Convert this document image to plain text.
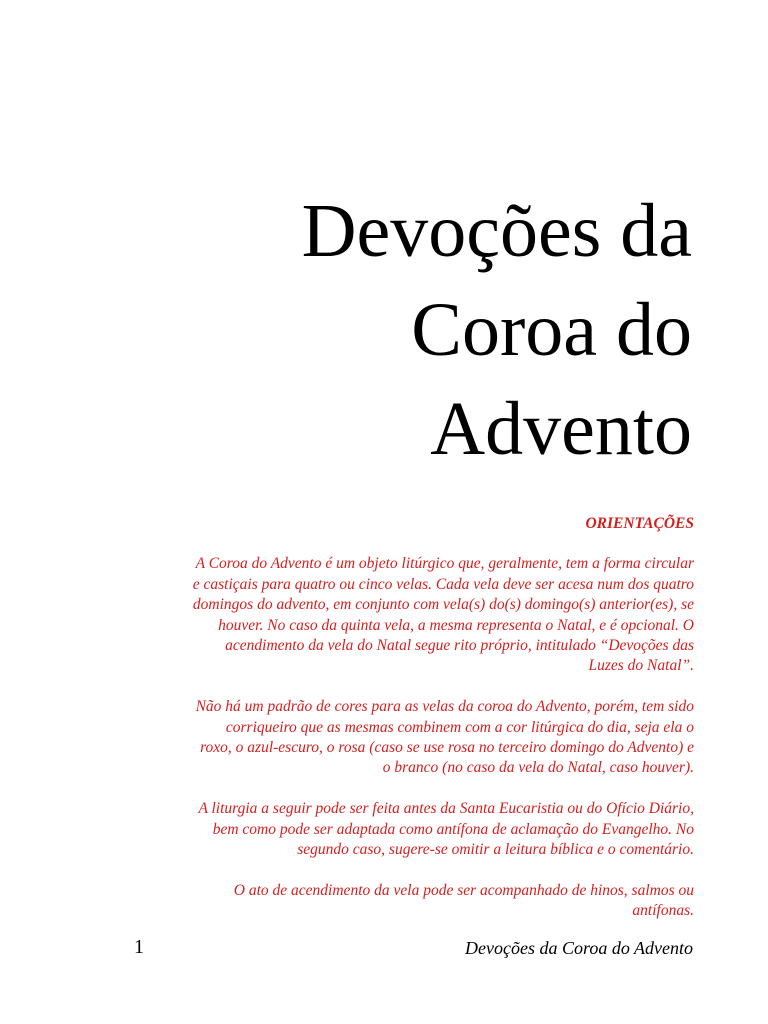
Devoções da
Coroa do
Advento
ORIENTAÇÕES
A Coroa do Advento é um objeto litúrgico que, geralmente, tem a forma circular
e castiçais para quatro ou cinco velas. Cada vela deve ser acesa num dos quatro
domingos do advento, em conjunto com vela(s) do(s) domingo(s) anterior(es), se
houver. No caso da quinta vela, a mesma representa o Natal, e é opcional. O
acendimento da vela do Natal segue rito próprio, intitulado “Devoções das
Luzes do Natal”.
Não há um padrão de cores para as velas da coroa do Advento, porém, tem sido
corriqueiro que as mesmas combinem com a cor litúrgica do dia, seja ela o
roxo, o azul-escuro, o rosa (caso se use rosa no terceiro domingo do Advento) e
o branco (no caso da vela do Natal, caso houver).
A liturgia a seguir pode ser feita antes da Santa Eucaristia ou do Ofício Diário,
bem como pode ser adaptada como antífona de aclamação do Evangelho. No
segundo caso, sugere-se omitir a leitura bíblica e o comentário.
O ato de acendimento da vela pode ser acompanhado de hinos, salmos ou
antífonas.
1	Devoções da Coroa do Advento
